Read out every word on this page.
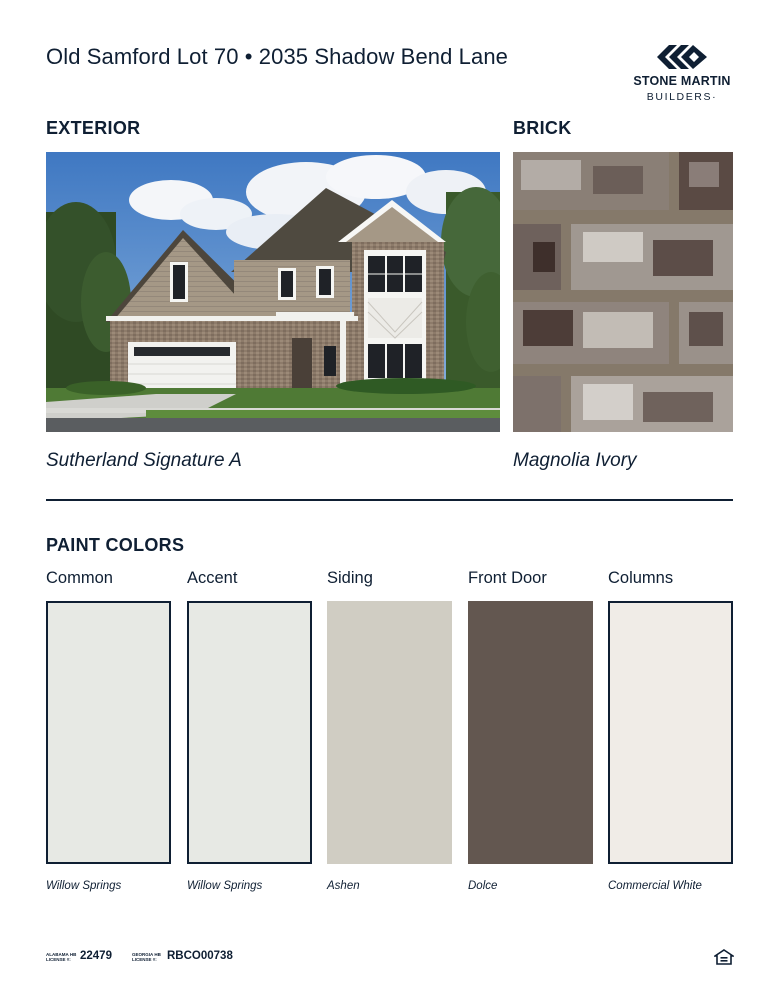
Old Samford Lot 70 • 2035 Shadow Bend Lane
STONE MARTIN
BUILDERS·
EXTERIOR	BRICK
Sutherland Signature A	Magnolia Ivory
PAINT COLORS
Common
Willow Springs
Accent
Willow Springs
Siding
Ashen
Front Door
Dolce
Columns
Commercial White
ALABAMA HB
LICENSE #: 22479	GEORGIA HB
LICENSE #: RBCO00738
